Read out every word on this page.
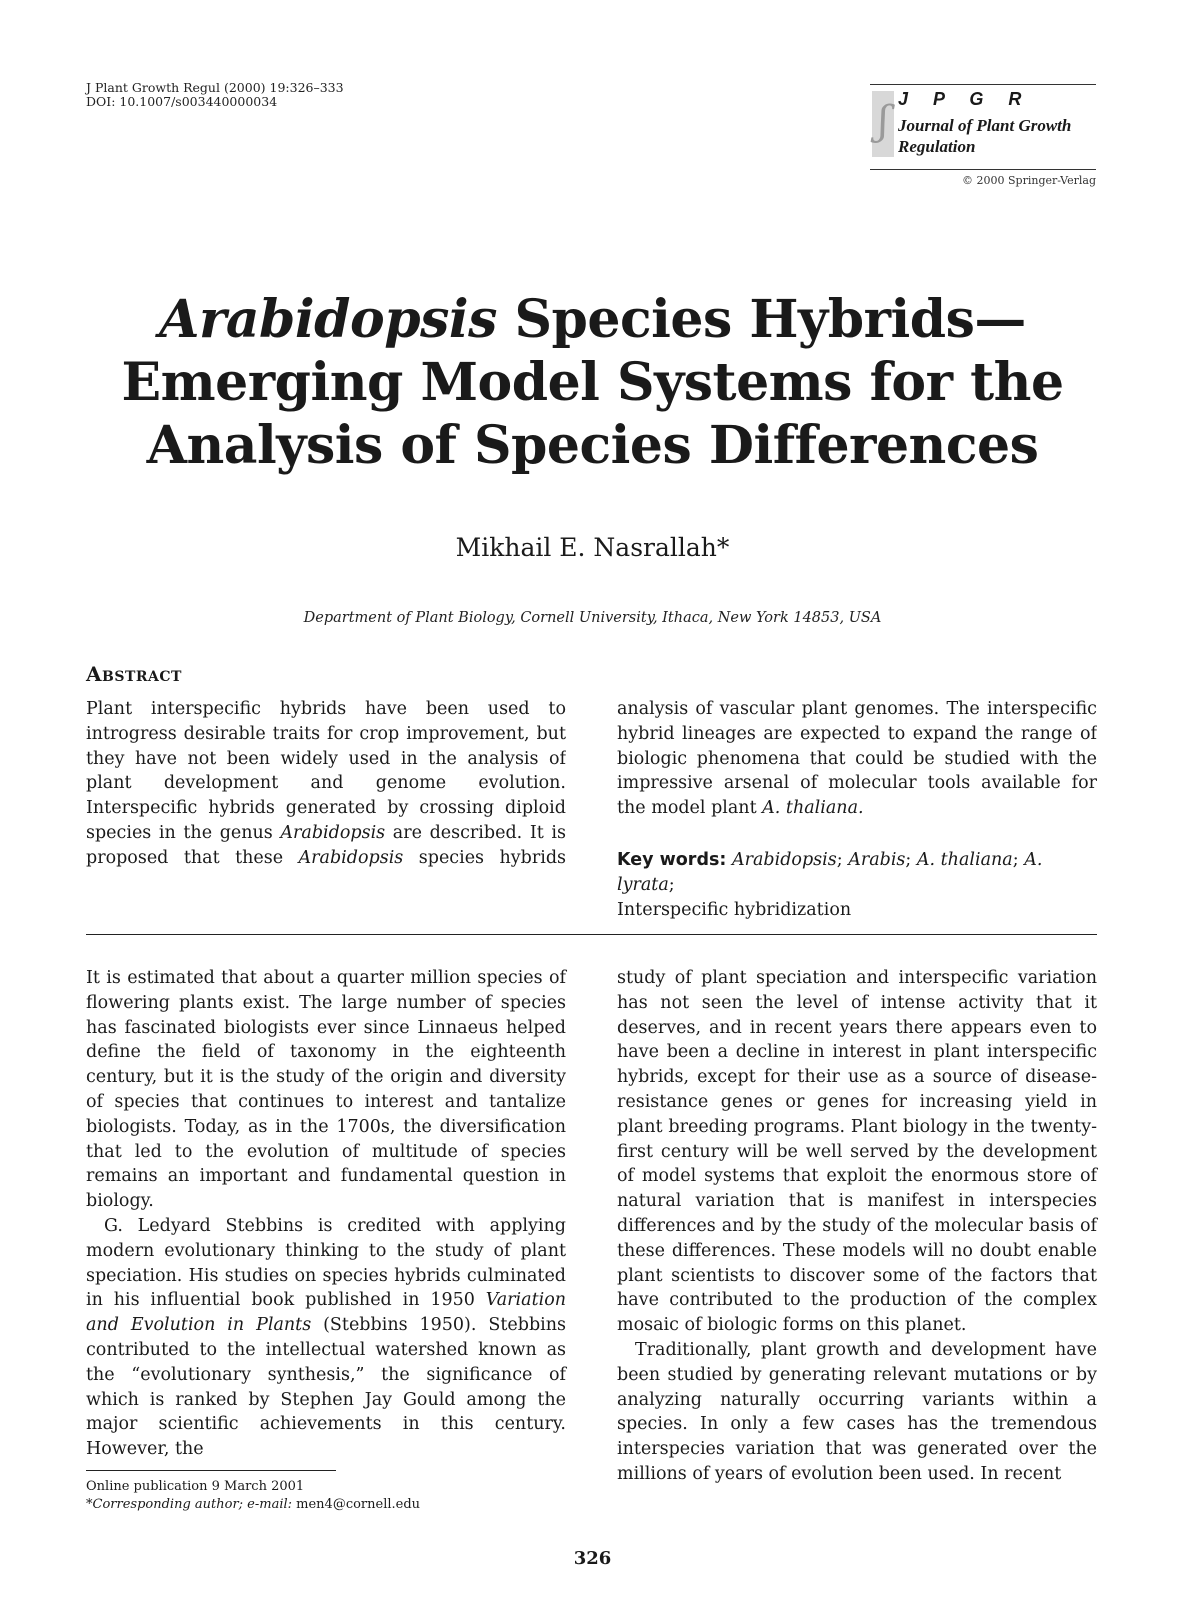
J Plant Growth Regul (2000) 19:326–333
DOI: 10.1007/s003440000034	ʃ J P G R
Journal of Plant Growth Regulation
© 2000 Springer-Verlag
Arabidopsis Species Hybrids—
Emerging Model Systems for the
Analysis of Species Differences
Mikhail E. Nasrallah*
Department of Plant Biology, Cornell University, Ithaca, New York 14853, USA
Abstract

Plant interspecific hybrids have been used to introgress desirable traits for crop improvement, but they have not been widely used in the analysis of plant development and genome evolution. Interspecific hybrids generated by crossing diploid species in the genus Arabidopsis are described. It is proposed that these Arabidopsis species hybrids

analysis of vascular plant genomes. The interspecific hybrid lineages are expected to expand the range of biologic phenomena that could be studied with the impressive arsenal of molecular tools available for the model plant A. thaliana.
Key words: Arabidopsis; Arabis; A. thaliana; A. lyrata;
Interspecific hybridization

It is estimated that about a quarter million species of flowering plants exist. The large number of species has fascinated biologists ever since Linnaeus helped define the field of taxonomy in the eighteenth century, but it is the study of the origin and diversity of species that continues to interest and tantalize biologists. Today, as in the 1700s, the diversification that led to the evolution of multitude of species remains an important and fundamental question in biology.

G. Ledyard Stebbins is credited with applying modern evolutionary thinking to the study of plant speciation. His studies on species hybrids culminated in his influential book published in 1950 Variation and Evolution in Plants (Stebbins 1950). Stebbins contributed to the intellectual watershed known as the “evolutionary synthesis,” the significance of which is ranked by Stephen Jay Gould among the major scientific achievements in this century. However, the

study of plant speciation and interspecific variation has not seen the level of intense activity that it deserves, and in recent years there appears even to have been a decline in interest in plant interspecific hybrids, except for their use as a source of disease-resistance genes or genes for increasing yield in plant breeding programs. Plant biology in the twenty-first century will be well served by the development of model systems that exploit the enormous store of natural variation that is manifest in interspecies differences and by the study of the molecular basis of these differences. These models will no doubt enable plant scientists to discover some of the factors that have contributed to the production of the complex mosaic of biologic forms on this planet.

Traditionally, plant growth and development have been studied by generating relevant mutations or by analyzing naturally occurring variants within a species. In only a few cases has the tremendous interspecies variation that was generated over the millions of years of evolution been used. In recent

Online publication 9 March 2001
*Corresponding author; e-mail: men4@cornell.edu
326
